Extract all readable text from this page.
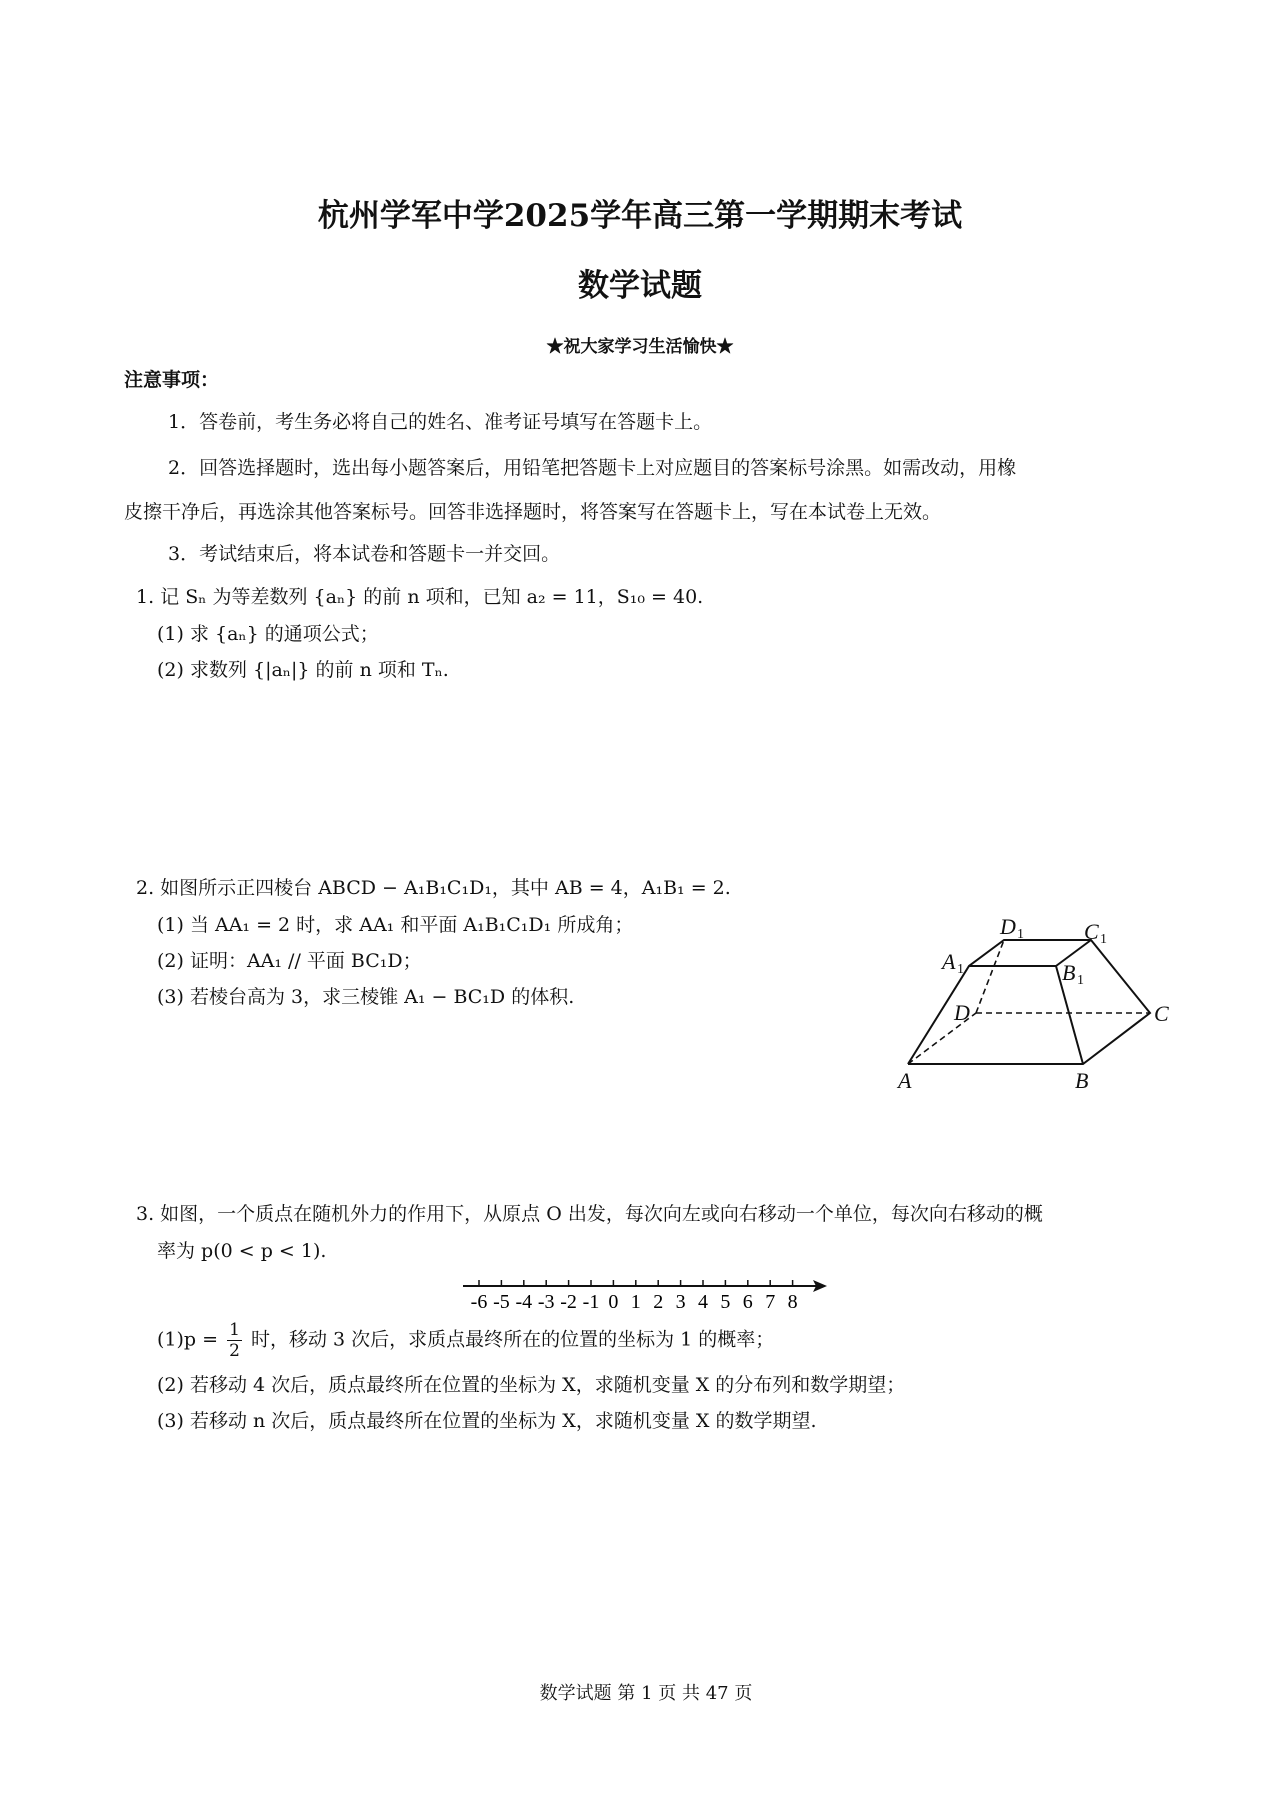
杭州学军中学2025学年高三第一学期期末考试
数学试题
★祝大家学习生活愉快★
注意事项：
1．答卷前，考生务必将自己的姓名、准考证号填写在答题卡上。
2．回答选择题时，选出每小题答案后，用铅笔把答题卡上对应题目的答案标号涂黑。如需改动，用橡
皮擦干净后，再选涂其他答案标号。回答非选择题时，将答案写在答题卡上，写在本试卷上无效。
3．考试结束后，将本试卷和答题卡一并交回。
1. 记 Sₙ 为等差数列 {aₙ} 的前 n 项和，已知 a₂ = 11，S₁₀ = 40.
(1) 求 {aₙ} 的通项公式；
(2) 求数列 {|aₙ|} 的前 n 项和 Tₙ.
2. 如图所示正四棱台 ABCD − A₁B₁C₁D₁，其中 AB = 4，A₁B₁ = 2.
(1) 当 AA₁ = 2 时，求 AA₁ 和平面 A₁B₁C₁D₁ 所成角；
(2) 证明：AA₁ // 平面 BC₁D；
(3) 若棱台高为 3，求三棱锥 A₁ − BC₁D 的体积.
A	B
C
D
A	B
C
D
1
1
1
1
3. 如图，一个质点在随机外力的作用下，从原点 O 出发，每次向左或向右移动一个单位，每次向右移动的概
率为 p(0 < p < 1).
-6 -5 -4 -3 -2 -1 0 1 2 3 4 5 6 7 8
$(1)p = \frac{1}{2}$ 时，移动 3 次后，求质点最终所在的位置的坐标为 1 的概率；
(2) 若移动 4 次后，质点最终所在位置的坐标为 X，求随机变量 X 的分布列和数学期望；
(3) 若移动 n 次后，质点最终所在位置的坐标为 X，求随机变量 X 的数学期望.
数学试题 第 1 页 共 47 页
